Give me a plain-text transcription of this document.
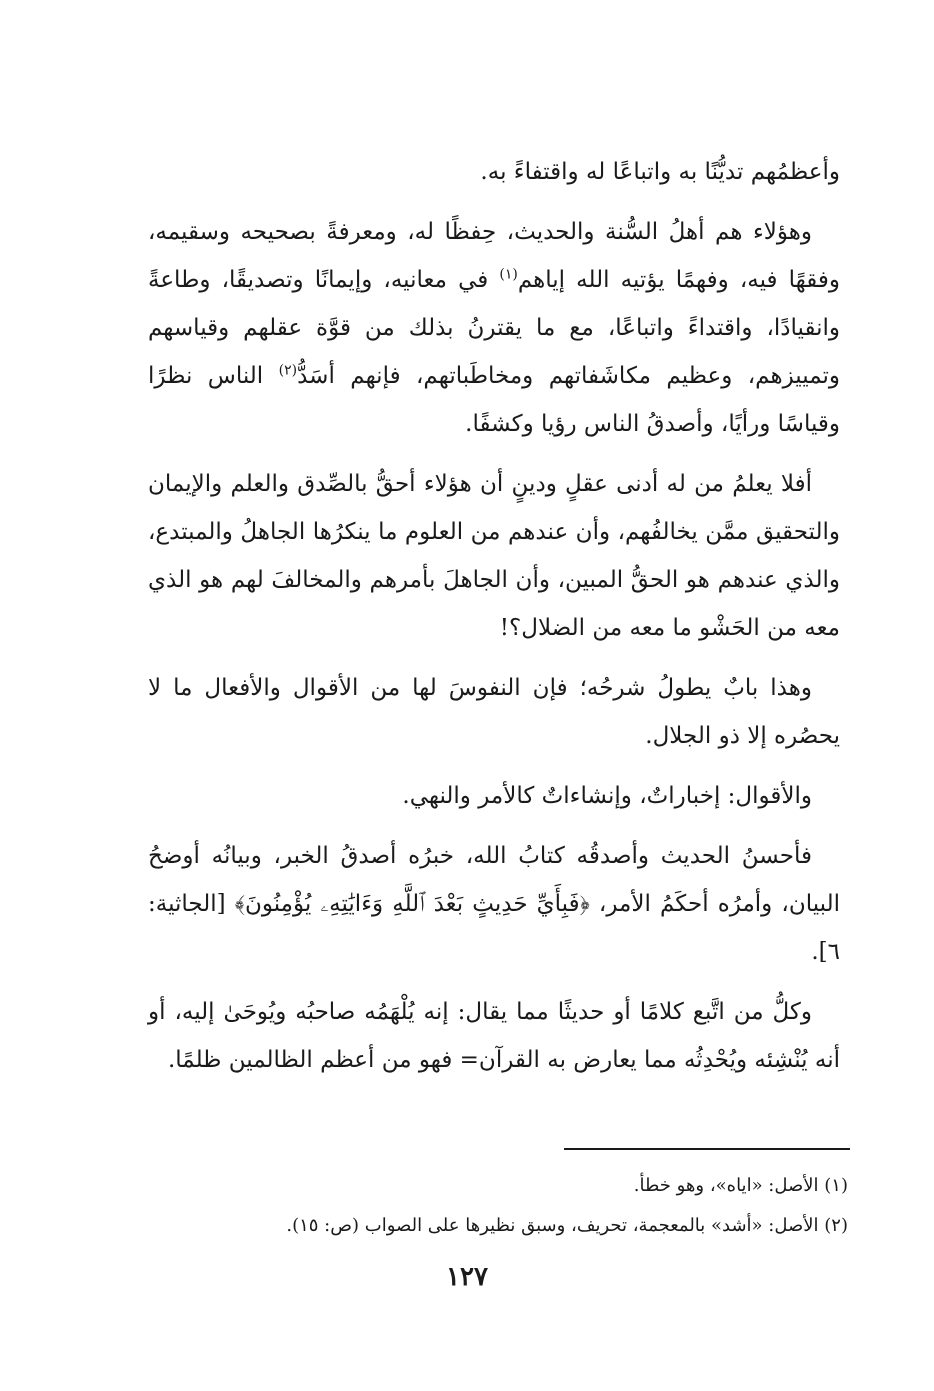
وأعظمُهم تديُّنًا به واتباعًا له واقتفاءً به.

وهؤلاء هم أهلُ السُّنة والحديث، حِفظًا له، ومعرفةً بصحيحه وسقيمه، وفقهًا فيه، وفهمًا يؤتيه الله إياهم$^{(١)}$ في معانيه، وإيمانًا وتصديقًا، وطاعةً وانقيادًا، واقتداءً واتباعًا، مع ما يقترنُ بذلك من قوَّة عقلهم وقياسهم وتمييزهم، وعظيم مكاشَفاتهم ومخاطَباتهم، فإنهم أسَدُّ$^{(٢)}$ الناس نظرًا وقياسًا ورأيًا، وأصدقُ الناس رؤيا وكشفًا.

أفلا يعلمُ من له أدنى عقلٍ ودينٍ أن هؤلاء أحقُّ بالصِّدق والعلم والإيمان والتحقيق ممَّن يخالفُهم، وأن عندهم من العلوم ما ينكرُها الجاهلُ والمبتدع، والذي عندهم هو الحقُّ المبين، وأن الجاهلَ بأمرهم والمخالفَ لهم هو الذي معه من الحَشْو ما معه من الضلال؟!

وهذا بابٌ يطولُ شرحُه؛ فإن النفوسَ لها من الأقوال والأفعال ما لا يحصُره إلا ذو الجلال.

والأقوال: إخباراتٌ، وإنشاءاتٌ كالأمر والنهي.

فأحسنُ الحديث وأصدقُه كتابُ الله، خبرُه أصدقُ الخبر، وبيانُه أوضحُ البيان، وأمرُه أحكَمُ الأمر، ﴿فَبِأَيِّ حَدِيثٍ بَعْدَ ٱللَّهِ وَءَايَٰتِهِۦ يُؤْمِنُونَ﴾ [الجاثية: ٦].

وكلُّ من اتَّبع كلامًا أو حديثًا مما يقال: إنه يُلْهَمُه صاحبُه ويُوحَىٰ إليه، أو أنه يُنْشِئه ويُحْدِثُه مما يعارض به القرآن= فهو من أعظم الظالمين ظلمًا.

(١) الأصل: «اياه»، وهو خطأ.

(٢) الأصل: «أشد» بالمعجمة، تحريف، وسبق نظيرها على الصواب (ص: ١٥).

١٢٧
